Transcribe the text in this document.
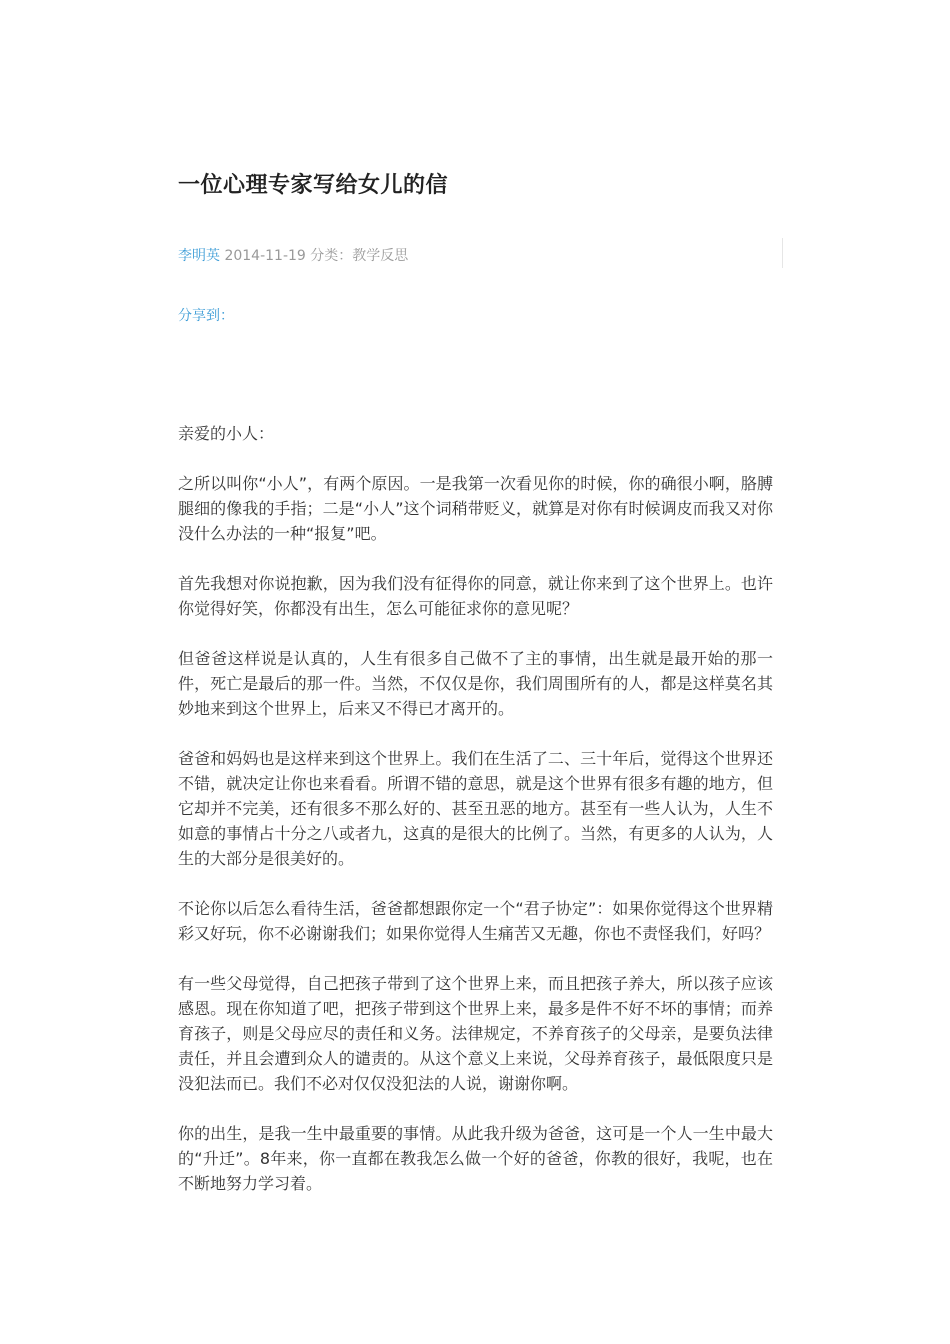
一位心理专家写给女儿的信
李明英 2014-11-19 分类：教学反思
分享到：

亲爱的小人：

之所以叫你“小人”，有两个原因。一是我第一次看见你的时候，你的确很小啊，胳膊腿细的像我的手指；二是“小人”这个词稍带贬义，就算是对你有时候调皮而我又对你没什么办法的一种“报复”吧。

首先我想对你说抱歉，因为我们没有征得你的同意，就让你来到了这个世界上。也许你觉得好笑，你都没有出生，怎么可能征求你的意见呢？

但爸爸这样说是认真的，人生有很多自己做不了主的事情，出生就是最开始的那一件，死亡是最后的那一件。当然，不仅仅是你，我们周围所有的人，都是这样莫名其妙地来到这个世界上，后来又不得已才离开的。

爸爸和妈妈也是这样来到这个世界上。我们在生活了二、三十年后，觉得这个世界还不错，就决定让你也来看看。所谓不错的意思，就是这个世界有很多有趣的地方，但它却并不完美，还有很多不那么好的、甚至丑恶的地方。甚至有一些人认为，人生不如意的事情占十分之八或者九，这真的是很大的比例了。当然，有更多的人认为，人生的大部分是很美好的。

不论你以后怎么看待生活，爸爸都想跟你定一个“君子协定”：如果你觉得这个世界精彩又好玩，你不必谢谢我们；如果你觉得人生痛苦又无趣，你也不责怪我们，好吗？

有一些父母觉得，自己把孩子带到了这个世界上来，而且把孩子养大，所以孩子应该感恩。现在你知道了吧，把孩子带到这个世界上来，最多是件不好不坏的事情；而养育孩子，则是父母应尽的责任和义务。法律规定，不养育孩子的父母亲，是要负法律责任，并且会遭到众人的谴责的。从这个意义上来说，父母养育孩子，最低限度只是没犯法而已。我们不必对仅仅没犯法的人说，谢谢你啊。

你的出生，是我一生中最重要的事情。从此我升级为爸爸，这可是一个人一生中最大的“升迁”。8年来，你一直都在教我怎么做一个好的爸爸，你教的很好，我呢，也在不断地努力学习着。
